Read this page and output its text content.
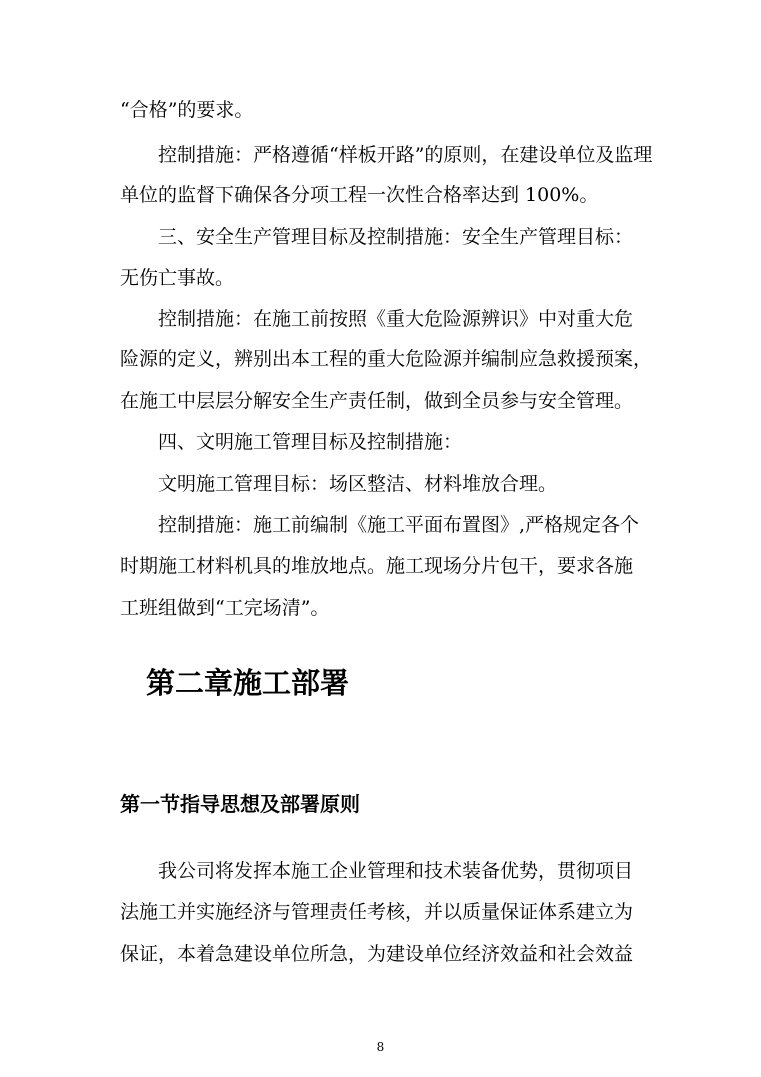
“合格”的要求。
控制措施：严格遵循“样板开路”的原则，在建设单位及监理
单位的监督下确保各分项工程一次性合格率达到 100%。
三、安全生产管理目标及控制措施：安全生产管理目标：
无伤亡事故。
控制措施：在施工前按照《重大危险源辨识》中对重大危
险源的定义，辨别出本工程的重大危险源并编制应急救援预案，
在施工中层层分解安全生产责任制，做到全员参与安全管理。
四、文明施工管理目标及控制措施：
文明施工管理目标：场区整洁、材料堆放合理。
控制措施：施工前编制《施工平面布置图》,严格规定各个
时期施工材料机具的堆放地点。施工现场分片包干，要求各施
工班组做到“工完场清”。
第二章施工部署
第一节指导思想及部署原则
我公司将发挥本施工企业管理和技术装备优势，贯彻项目
法施工并实施经济与管理责任考核，并以质量保证体系建立为
保证，本着急建设单位所急，为建设单位经济效益和社会效益
8
